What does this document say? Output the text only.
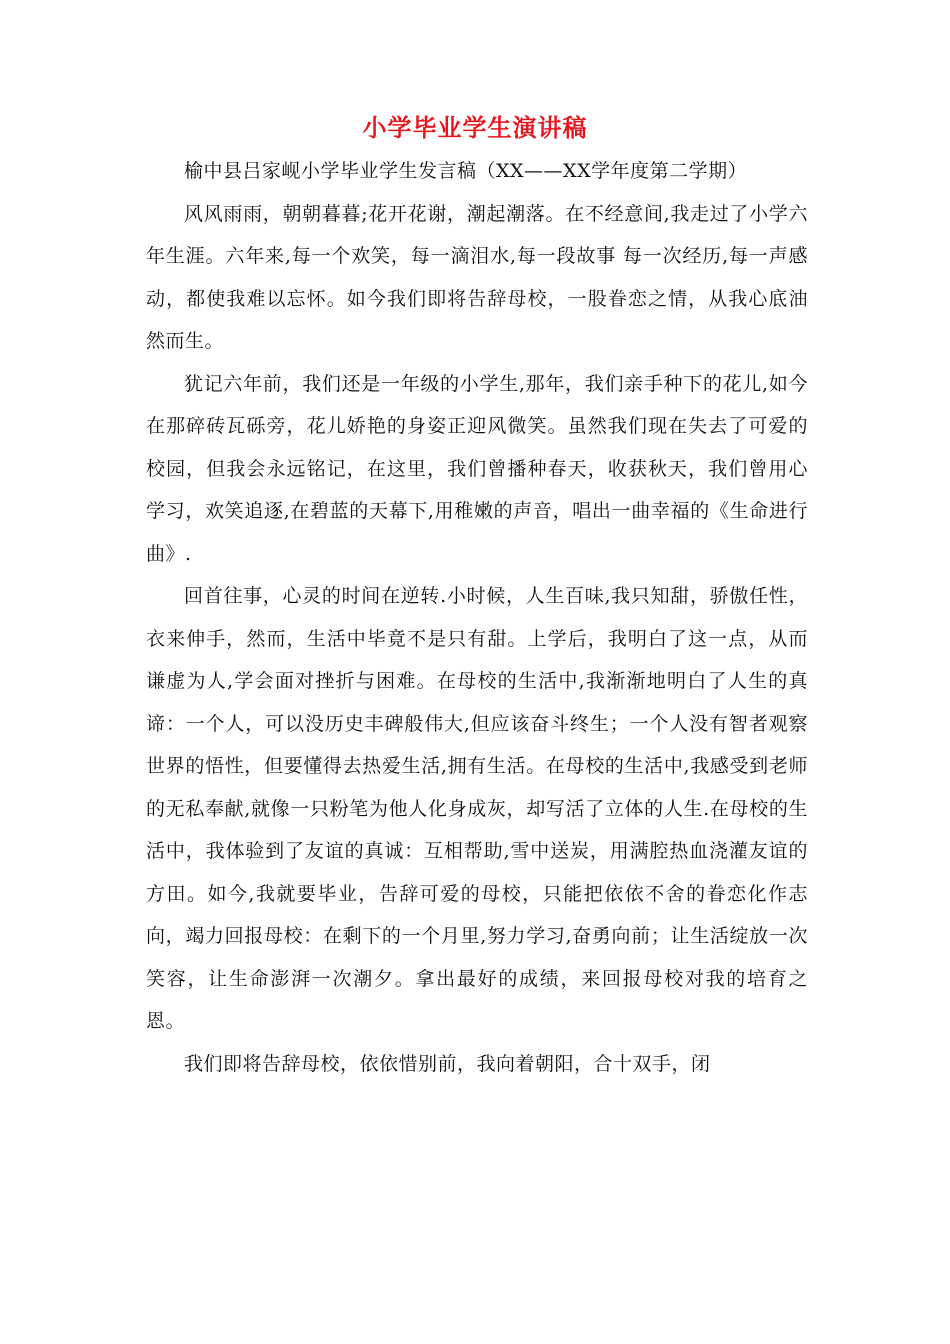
小学毕业学生演讲稿

榆中县吕家岘小学毕业学生发言稿（XX——XX学年度第二学期）

风风雨雨，朝朝暮暮;花开花谢，潮起潮落。在不经意间,我走过了小学六年生涯。六年来,每一个欢笑，每一滴泪水,每一段故事 每一次经历,每一声感动，都使我难以忘怀。如今我们即将告辞母校，一股眷恋之情，从我心底油然而生。

犹记六年前，我们还是一年级的小学生,那年，我们亲手种下的花儿,如今在那碎砖瓦砾旁，花儿娇艳的身姿正迎风微笑。虽然我们现在失去了可爱的校园，但我会永远铭记，在这里，我们曾播种春天，收获秋天，我们曾用心学习，欢笑追逐,在碧蓝的天幕下,用稚嫩的声音，唱出一曲幸福的《生命进行曲》.

回首往事，心灵的时间在逆转.小时候，人生百味,我只知甜，骄傲任性，衣来伸手，然而，生活中毕竟不是只有甜。上学后，我明白了这一点，从而谦虚为人,学会面对挫折与困难。在母校的生活中,我渐渐地明白了人生的真谛：一个人，可以没历史丰碑般伟大,但应该奋斗终生；一个人没有智者观察世界的悟性，但要懂得去热爱生活,拥有生活。在母校的生活中,我感受到老师的无私奉献,就像一只粉笔为他人化身成灰，却写活了立体的人生.在母校的生活中，我体验到了友谊的真诚：互相帮助,雪中送炭，用满腔热血浇灌友谊的方田。如今,我就要毕业，告辞可爱的母校，只能把依依不舍的眷恋化作志向，竭力回报母校：在剩下的一个月里,努力学习,奋勇向前；让生活绽放一次笑容，让生命澎湃一次潮夕。拿出最好的成绩，来回报母校对我的培育之恩。

我们即将告辞母校，依依惜别前，我向着朝阳，合十双手，闭
